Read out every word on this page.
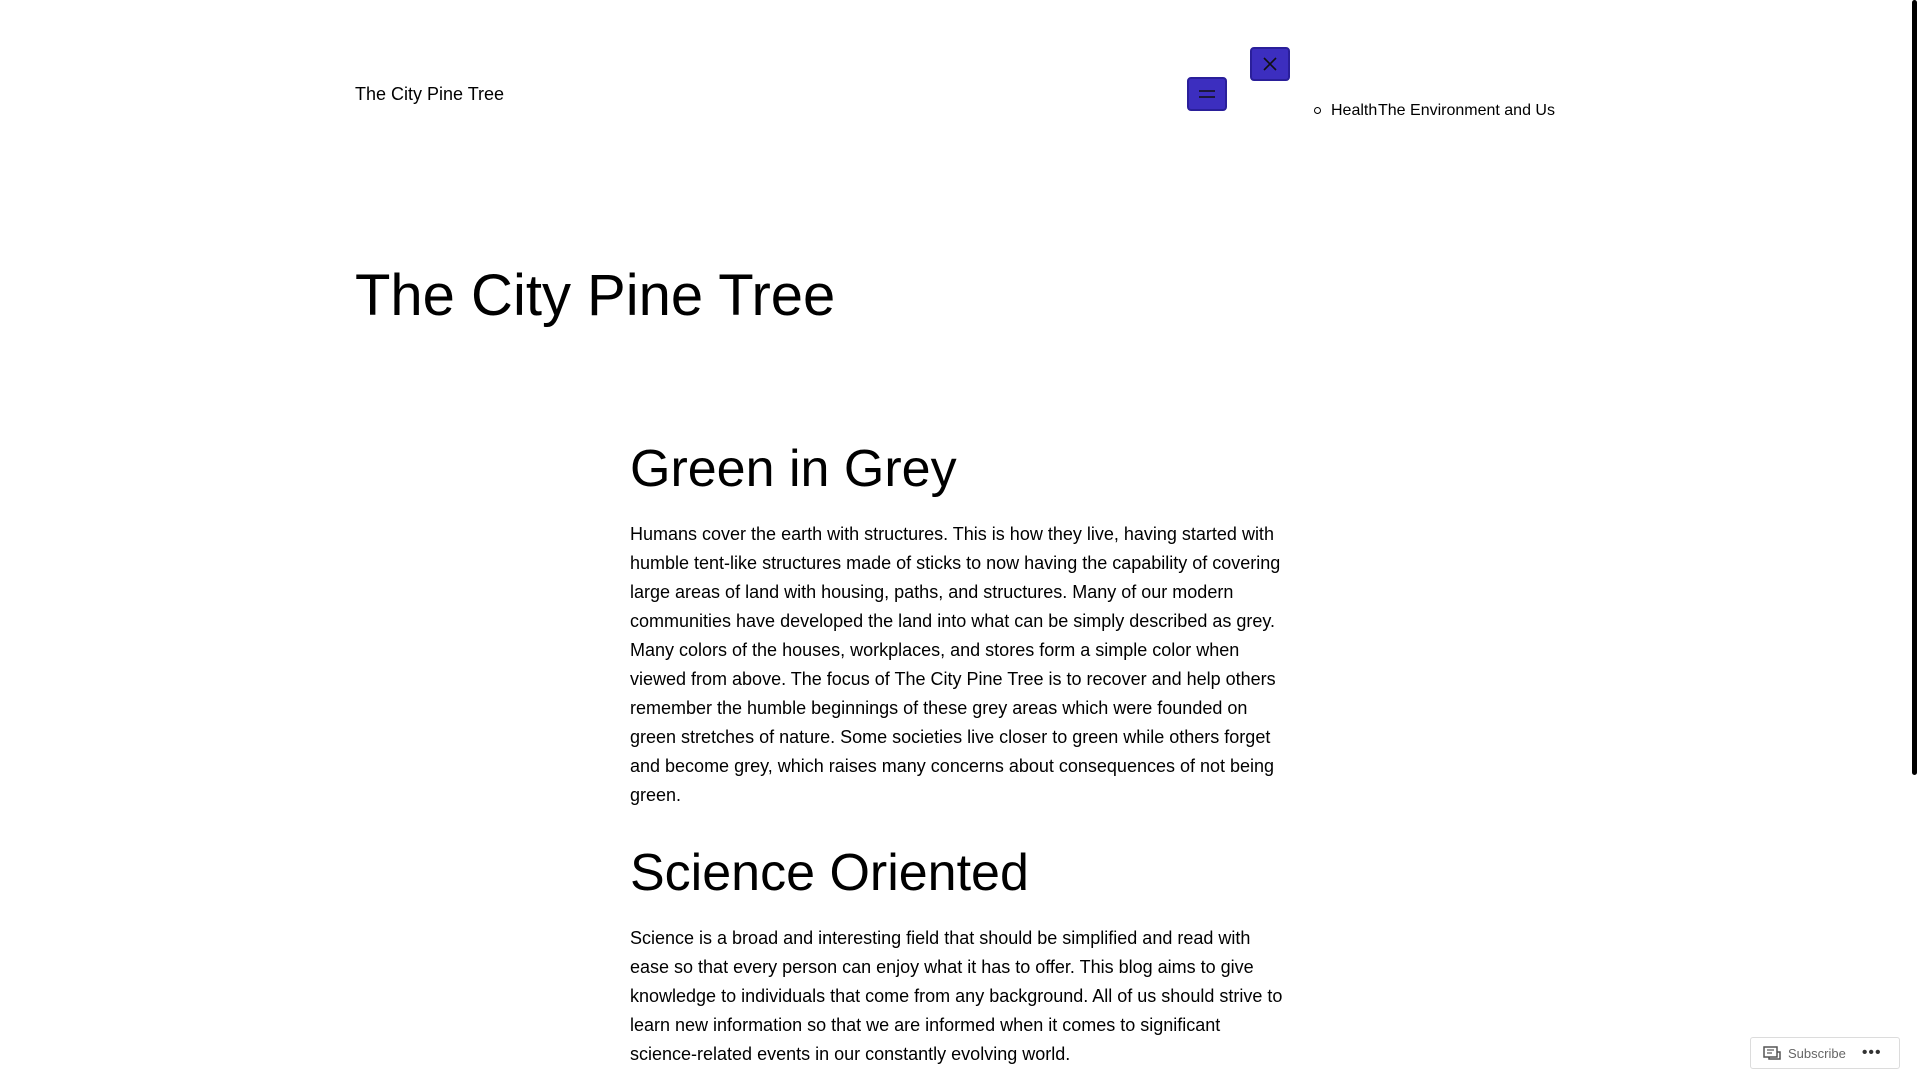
The City Pine Tree
Health The Environment and Us
The City Pine Tree
Green in Grey

Humans cover the earth with structures. This is how they live, having started with humble tent-like structures made of sticks to now having the capability of covering large areas of land with housing, paths, and structures. Many of our modern communities have developed the land into what can be simply described as grey. Many colors of the houses, workplaces, and stores form a simple color when viewed from above. The focus of The City Pine Tree is to recover and help others remember the humble beginnings of these grey areas which were founded on green stretches of nature. Some societies live closer to green while others forget and become grey, which raises many concerns about consequences of not being green.

Science Oriented

Science is a broad and interesting field that should be simplified and read with ease so that every person can enjoy what it has to offer. This blog aims to give knowledge to individuals that come from any background. All of us should strive to learn new information so that we are informed when it comes to significant science-related events in our constantly evolving world.	Subscribe •••
